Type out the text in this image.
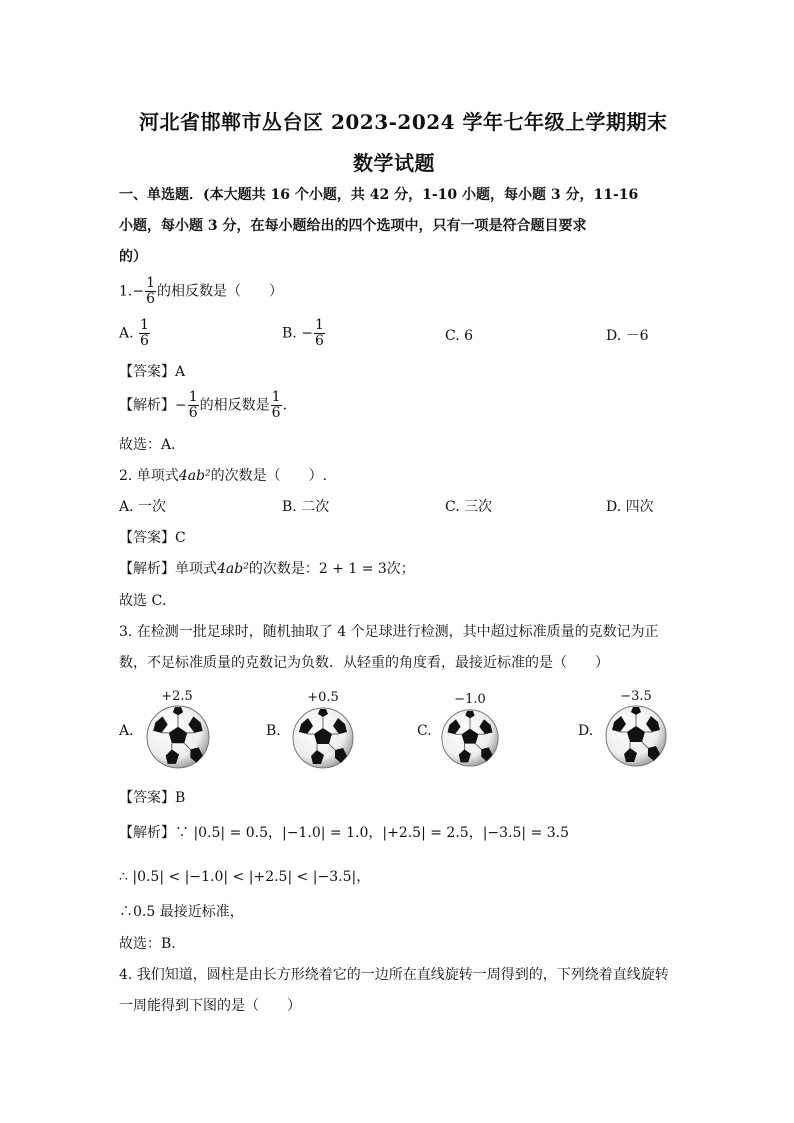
河北省邯郸市丛台区 2023-2024 学年七年级上学期期末
数学试题
一、单选题．(本大题共 16 个小题，共 42 分，1-10 小题，每小题 3 分，11-16
小题，每小题 3 分，在每小题给出的四个选项中，只有一项是符合题目要求
的）
$1.- \frac{1}{6}$ 的相反数是（　　）
A. $\frac{1}{6}$	B. − $\frac{1}{6}$	C. 6	D. －6
【答案】A
【解析】− $\frac{1}{6}$ 的相反数是 $\frac{1}{6}$ ．
故选：A．
2. 单项式4ab²的次数是（　　）.
A. 一次	B. 二次	C. 三次	D. 四次
【答案】C
【解析】单项式4ab²的次数是：2 + 1 = 3次；
故选 C．
3. 在检测一批足球时，随机抽取了 4 个足球进行检测，其中超过标准质量的克数记为正
数，不足标准质量的克数记为负数．从轻重的角度看，最接近标准的是（　　）
A.
+2.5
B.
+0.5
C.
−1.0
D.
−3.5
【答案】B
【解析】∵ |0.5| = 0.5，|−1.0| = 1.0，|+2.5| = 2.5，|−3.5| = 3.5
∴ |0.5| < |−1.0| < |+2.5| < |−3.5|，
∴0.5 最接近标准，
故选：B.
4. 我们知道，圆柱是由长方形绕着它的一边所在直线旋转一周得到的，下列绕着直线旋转
一周能得到下图的是（　　）
